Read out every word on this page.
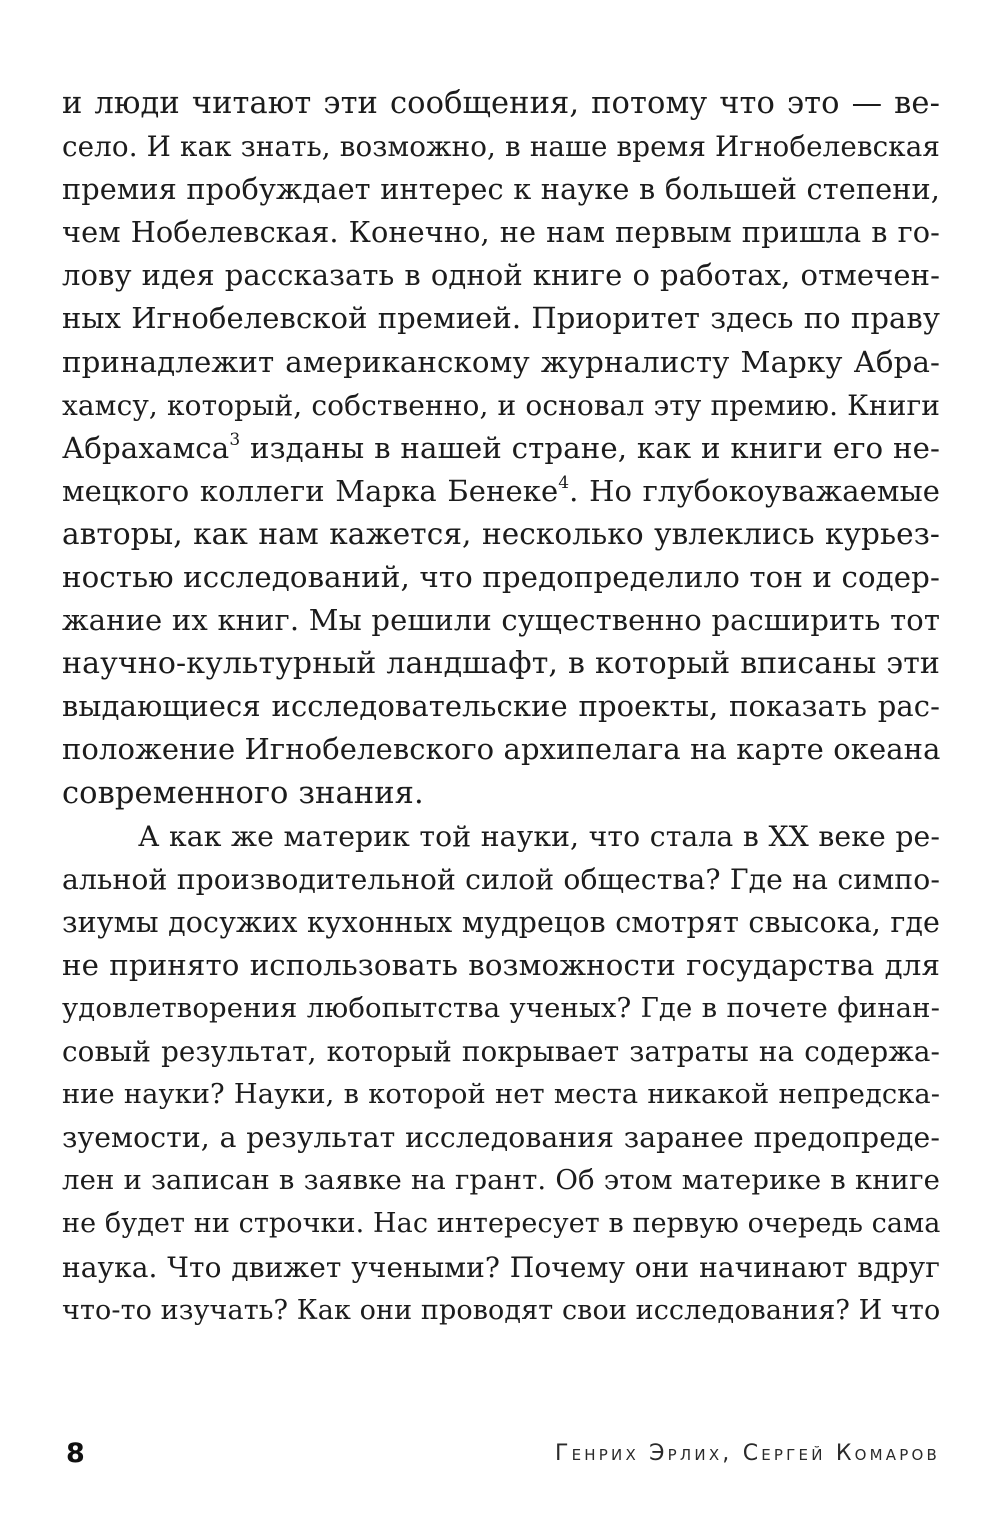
и люди читают эти сообщения, потому что это — ве-
село. И как знать, возможно, в наше время Игнобелевская
премия пробуждает интерес к науке в большей степени,
чем Нобелевская. Конечно, не нам первым пришла в го-
лову идея рассказать в одной книге о работах, отмечен-
ных Игнобелевской премией. Приоритет здесь по праву
принадлежит американскому журналисту Марку Абра-
хамсу, который, собственно, и основал эту премию. Книги
Абрахамса$^3$ изданы в нашей стране, как и книги его не-
мецкого коллеги Марка Бенеке$^4$. Но глубокоуважаемые
авторы, как нам кажется, несколько увлеклись курьез-
ностью исследований, что предопределило тон и содер-
жание их книг. Мы решили существенно расширить тот
научно-культурный ландшафт, в который вписаны эти
выдающиеся исследовательские проекты, показать рас-
положение Игнобелевского архипелага на карте океана
современного знания.
А как же материк той науки, что стала в XX веке ре-
альной производительной силой общества? Где на симпо-
зиумы досужих кухонных мудрецов смотрят свысока, где
не принято использовать возможности государства для
удовлетворения любопытства ученых? Где в почете финан-
совый результат, который покрывает затраты на содержа-
ние науки? Науки, в которой нет места никакой непредска-
зуемости, а результат исследования заранее предопреде-
лен и записан в заявке на грант. Об этом материке в книге
не будет ни строчки. Нас интересует в первую очередь сама
наука. Что движет учеными? Почему они начинают вдруг
что-то изучать? Как они проводят свои исследования? И что
8	Генрих Эрлих, Сергей Комаров
